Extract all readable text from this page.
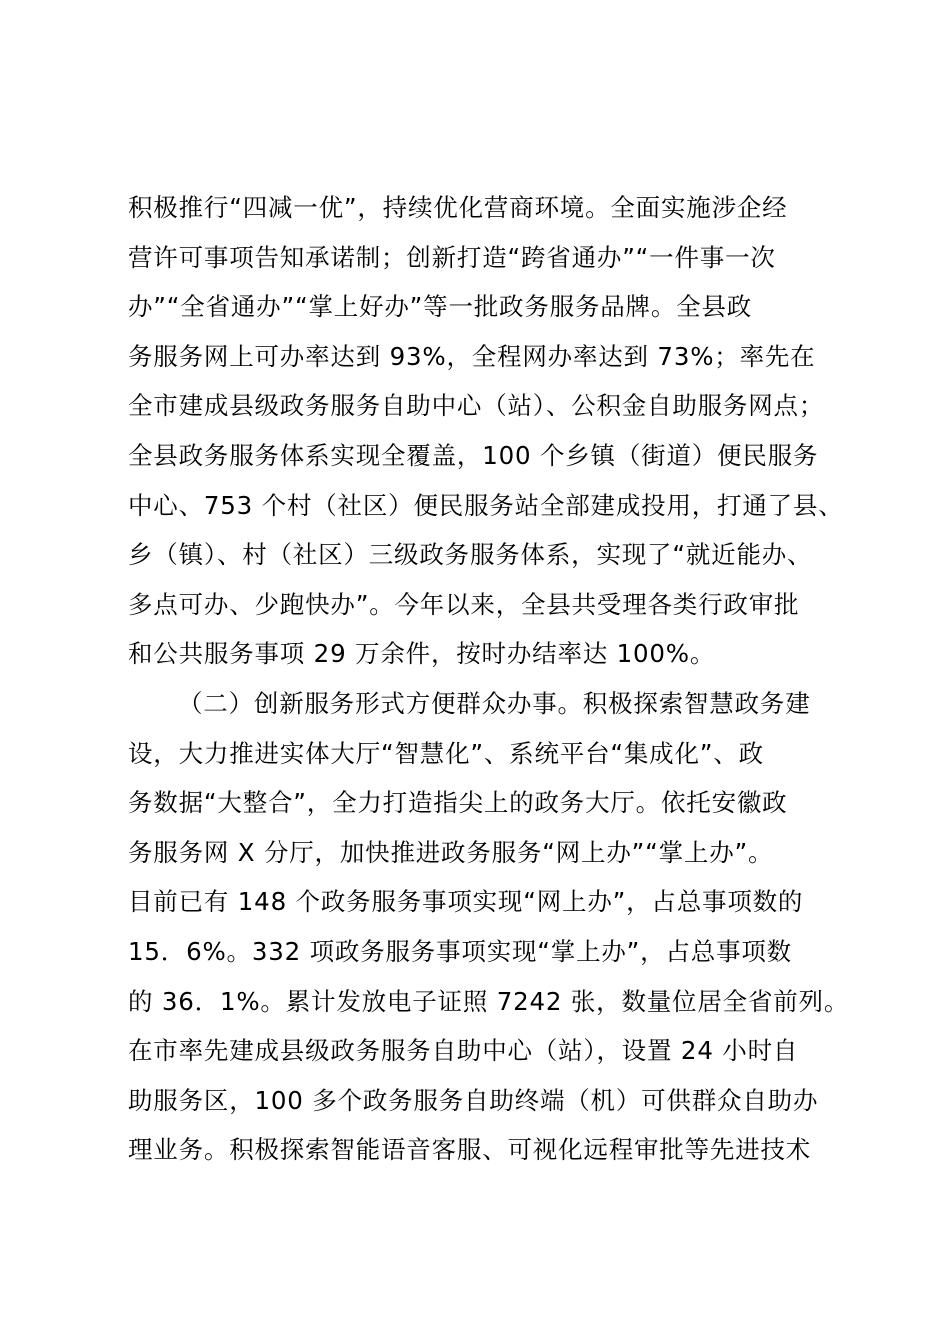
积极推行“四减一优”，持续优化营商环境。全面实施涉企经
营许可事项告知承诺制；创新打造“跨省通办”“一件事一次
办”“全省通办”“掌上好办”等一批政务服务品牌。全县政
务服务网上可办率达到 93%，全程网办率达到 73%；率先在
全市建成县级政务服务自助中心（站）、公积金自助服务网点；
全县政务服务体系实现全覆盖，100 个乡镇（街道）便民服务
中心、753 个村（社区）便民服务站全部建成投用，打通了县、
乡（镇）、村（社区）三级政务服务体系，实现了“就近能办、
多点可办、少跑快办”。今年以来，全县共受理各类行政审批
和公共服务事项 29 万余件，按时办结率达 100%。
（二）创新服务形式方便群众办事。积极探索智慧政务建
设，大力推进实体大厅“智慧化”、系统平台“集成化”、政
务数据“大整合”，全力打造指尖上的政务大厅。依托安徽政
务服务网 X 分厅，加快推进政务服务“网上办”“掌上办”。
目前已有 148 个政务服务事项实现“网上办”，占总事项数的
15．6%。332 项政务服务事项实现“掌上办”，占总事项数
的 36．1%。累计发放电子证照 7242 张，数量位居全省前列。
在市率先建成县级政务服务自助中心（站），设置 24 小时自
助服务区，100 多个政务服务自助终端（机）可供群众自助办
理业务。积极探索智能语音客服、可视化远程审批等先进技术
